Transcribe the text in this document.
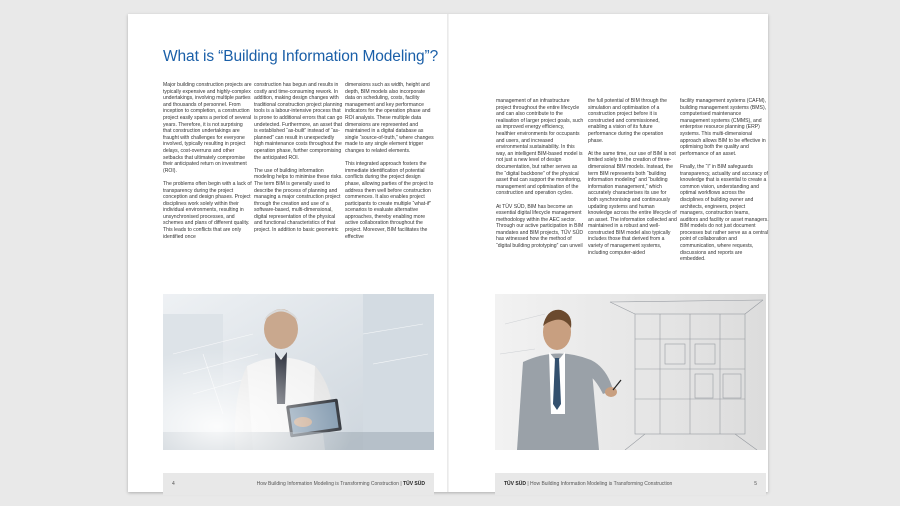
What is “Building Information Modeling”?

Major building construction projects are typically expensive and highly-complex undertakings, involving multiple parties and thousands of personnel. From inception to completion, a construction project easily spans a period of several years. Therefore, it is not surprising that construction undertakings are fraught with challenges for everyone involved, typically resulting in project delays, cost-overruns and other setbacks that ultimately compromise their anticipated return on investment (ROI).

The problems often begin with a lack of transparency during the project conception and design phases. Project disciplines work solely within their individual environments, resulting in unsynchronised processes, and schemes and plans of different quality. This leads to conflicts that are only identified once

construction has begun and results in costly and time-consuming rework. In addition, making design changes with traditional construction project planning tools is a labour-intensive process that is prone to additional errors that can go undetected. Furthermore, an asset that is established “as-built” instead of “as-planned” can result in unexpectedly high maintenance costs throughout the operation phase, further compromising the anticipated ROI.

The use of building information modeling helps to minimise these risks. The term BIM is generally used to describe the process of planning and managing a major construction project through the creation and use of a software-based, multi-dimensional, digital representation of the physical and functional characteristics of that project. In addition to basic geometric

dimensions such as width, height and depth, BIM models also incorporate data on scheduling, costs, facility management and key performance indicators for the operation phase and ROI analysis. These multiple data dimensions are represented and maintained in a digital database as single “source-of-truth,” where changes made to any single element trigger changes to related elements.

This integrated approach fosters the immediate identification of potential conflicts during the project design phase, allowing parties of the project to address them well before construction commences. It also enables project participants to create multiple “what-if” scenarios to evaluate alternative approaches, thereby enabling more active collaboration throughout the project. Moreover, BIM facilitates the effective

4	How Building Information Modeling is Transforming Construction | TÜV SÜD

management of an infrastructure project throughout the entire lifecycle and can also contribute to the realisation of larger project goals, such as improved energy efficiency, healthier environments for occupants and users, and increased environmental sustainability. In this way, an intelligent BIM-based model is not just a new level of design documentation, but rather serves as the “digital backbone” of the physical asset that can support the monitoring, management and optimisation of the construction and operation cycles.

At TÜV SÜD, BIM has become an essential digital lifecycle management methodology within the AEC sector. Through our active participation in BIM mandates and BIM projects, TÜV SÜD has witnessed how the method of “digital building prototyping” can unveil

the full potential of BIM through the simulation and optimisation of a construction project before it is constructed and commissioned, enabling a vision of its future performance during the operation phase.

At the same time, our use of BIM is not limited solely to the creation of three-dimensional BIM models. Instead, the term BIM represents both “building information modeling” and “building information management,” which accurately characterises its use for both synchronising and continuously updating systems and human knowledge across the entire lifecycle of an asset. The information collected and maintained in a robust and well-constructed BIM model also typically includes those that derived from a variety of management systems, including computer-aided

facility management systems (CAFM), building management systems (BMS), computerised maintenance management systems (CMMS), and enterprise resource planning (ERP) systems. This multi-dimensional approach allows BIM to be effective in optimising both the quality and performance of an asset.

Finally, the “I” in BIM safeguards transparency, actuality and accuracy of knowledge that is essential to create a common vision, understanding and optimal workflows across the disciplines of building owner and architects, engineers, project managers, construction teams, auditors and facility or asset managers. BIM models do not just document processes but rather serve as a central point of collaboration and communication, where requests, discussions and reports are embedded.

TÜV SÜD | How Building Information Modeling is Transforming Construction	5
